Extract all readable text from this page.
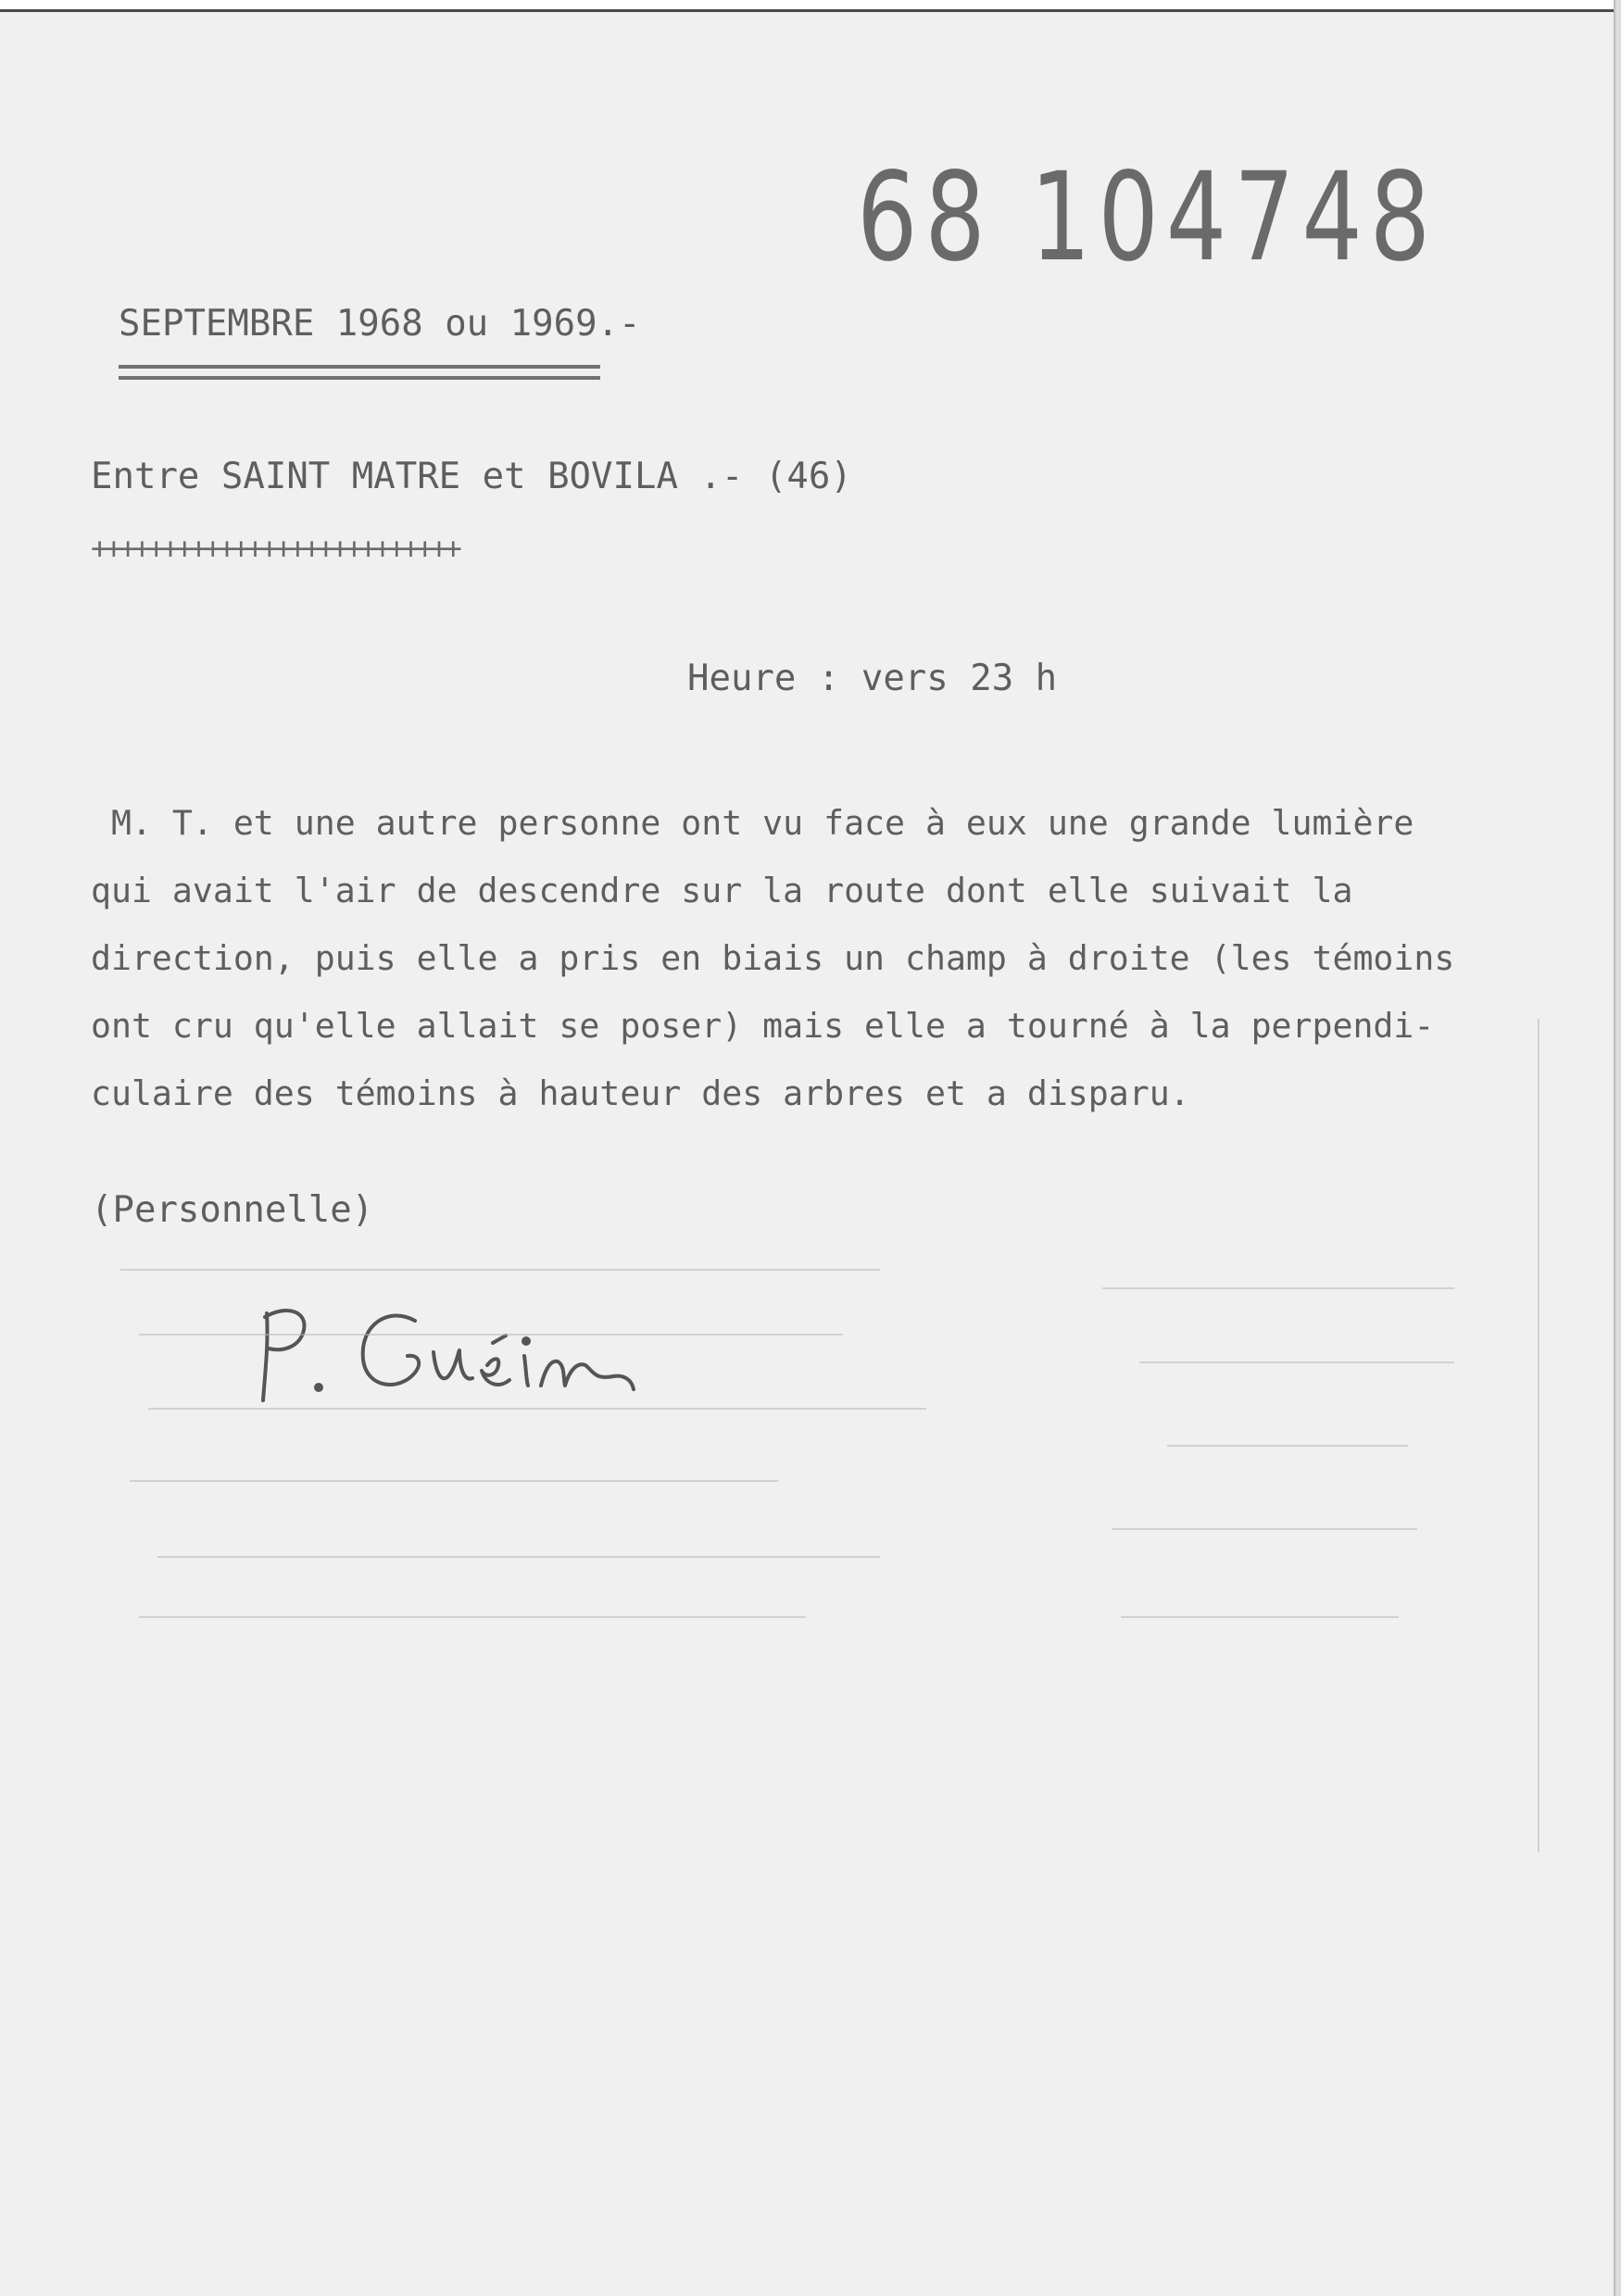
68 104748
SEPTEMBRE 1968 ou 1969.-
Entre SAINT MATRE et BOVILA .- (46)
++++++++++++++++++++++++++
Heure : vers 23 h
M. T. et une autre personne ont vu face à eux une grande lumière
qui avait l'air de descendre sur la route dont elle suivait la
direction, puis elle a pris en biais un champ à droite (les témoins
ont cru qu'elle allait se poser) mais elle a tourné à la perpendi-
culaire des témoins à hauteur des arbres et a disparu.
(Personnelle)
